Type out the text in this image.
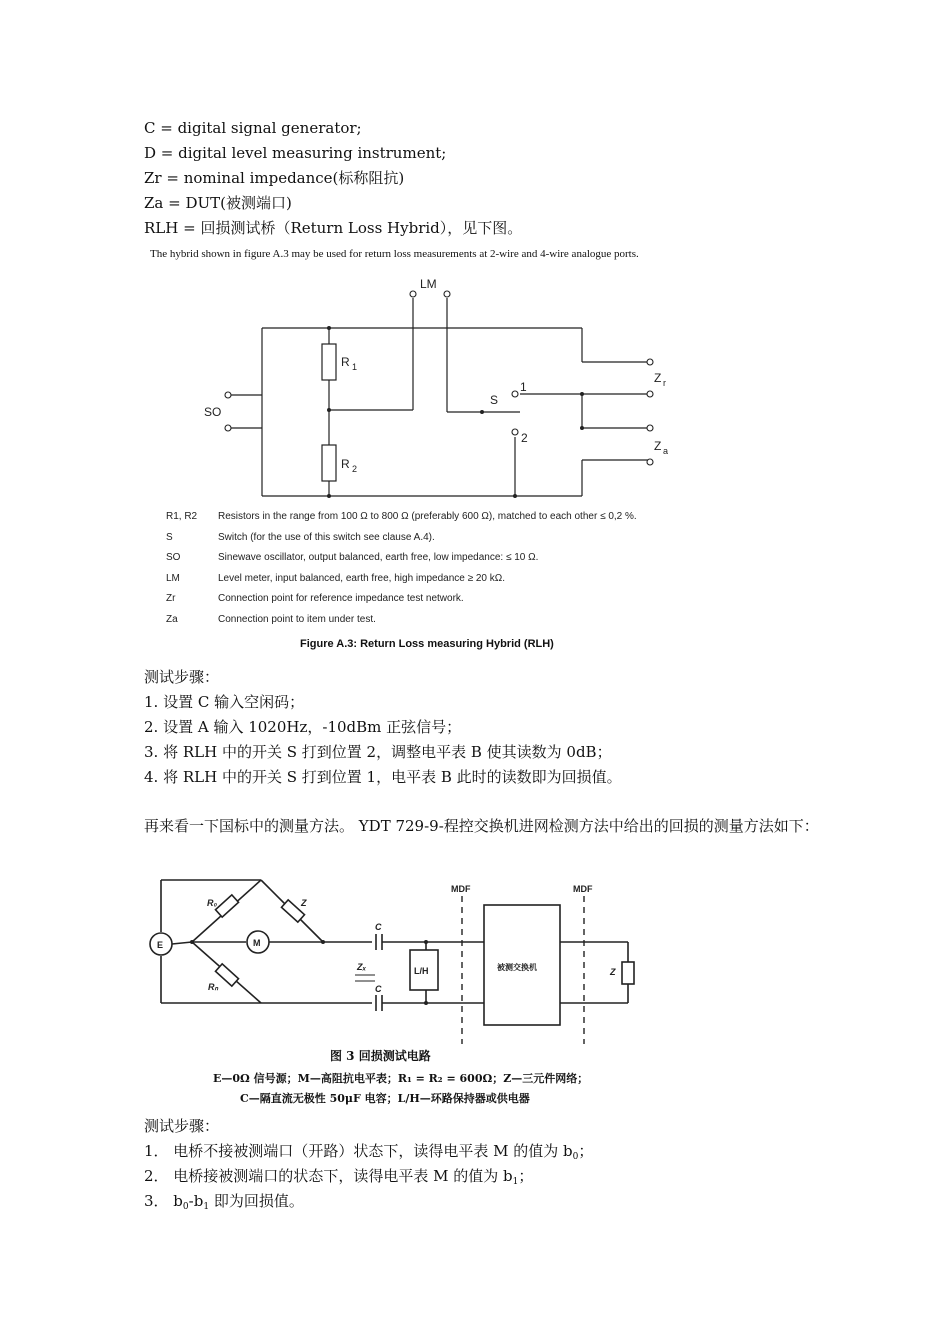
C = digital signal generator;
D = digital level measuring instrument;
Zr = nominal impedance(标称阻抗)
Za = DUT(被测端口)
RLH = 回损测试桥（Return Loss Hybrid），见下图。
The hybrid shown in figure A.3 may be used for return loss measurements at 2-wire and 4-wire analogue ports.
LM
SO
S
1
2
R 1
R 2
Z r
Z a
R1, R2 Resistors in the range from 100 Ω to 800 Ω (preferably 600 Ω), matched to each other ≤ 0,2 %.
S	Switch (for the use of this switch see clause A.4).
SO	Sinewave oscillator, output balanced, earth free, low impedance: ≤ 10 Ω.
LM	Level meter, input balanced, earth free, high impedance ≥ 20 kΩ.
Zr	Connection point for reference impedance test network.
Za	Connection point to item under test.
Figure A.3: Return Loss measuring Hybrid (RLH)
测试步骤：
1. 设置 C 输入空闲码；
2. 设置 A 输入 1020Hz，-10dBm 正弦信号；
3. 将 RLH 中的开关 S 打到位置 2，调整电平表 B 使其读数为 0dB；
4. 将 RLH 中的开关 S 打到位置 1，电平表 B 此时的读数即为回损值。
再来看一下国标中的测量方法。 YDT 729-9-程控交换机进网检测方法中给出的回损的测量方法如下：
MDF	MDF
E	M
R₀	Z
Rₙ
C
C
Zₓ	L/H	被测交换机	Z
图 3 回损测试电路
E—0Ω 信号源；M—高阻抗电平表；R₁ = R₂ = 600Ω；Z—三元件网络；
C—隔直流无极性 50μF 电容；L/H—环路保持器或供电器
测试步骤：
1． 电桥不接被测端口（开路）状态下，读得电平表 M 的值为 $b_0$；
2． 电桥接被测端口的状态下，读得电平表 M 的值为 $b_1$；
3． $b_0-b_1$ 即为回损值。
